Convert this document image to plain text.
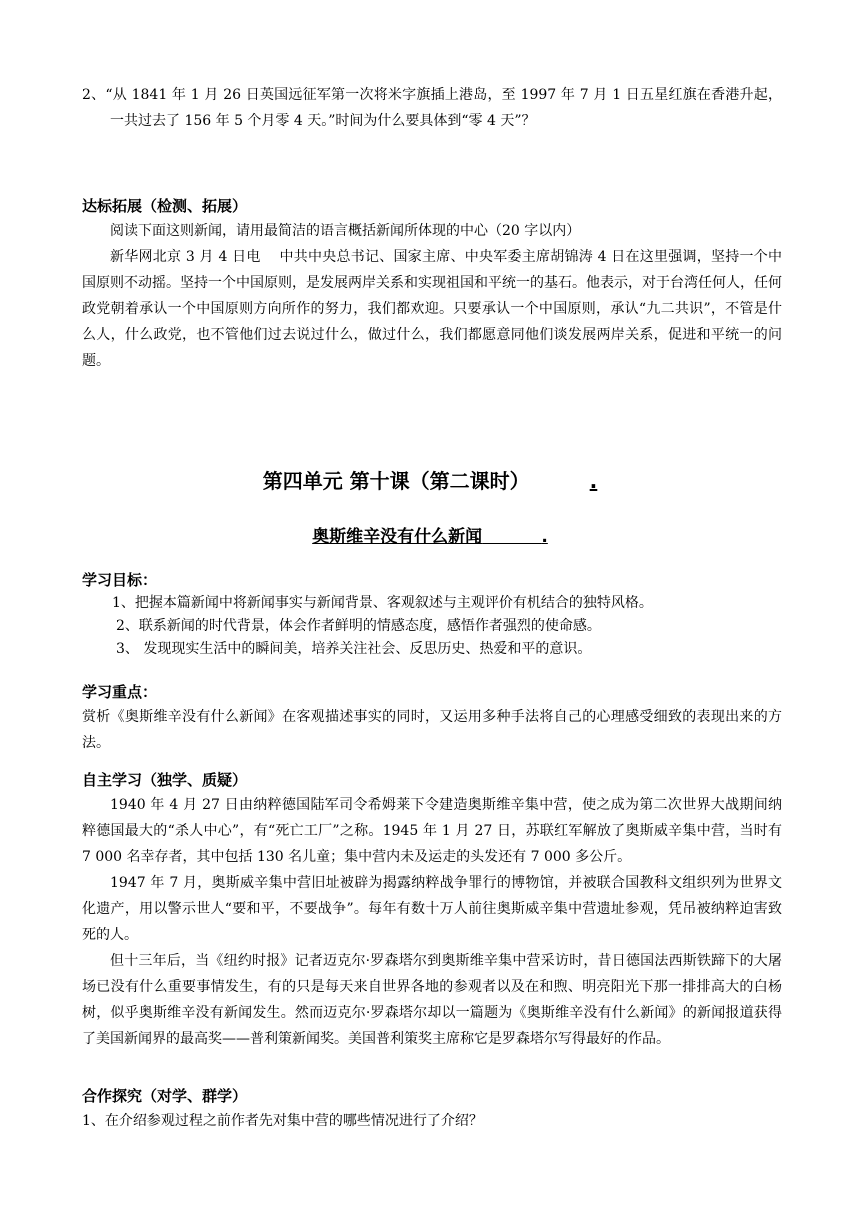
2、“从 1841 年 1 月 26 日英国远征军第一次将米字旗插上港岛，至 1997 年 7 月 1 日五星红旗在香港升起，一共过去了 156 年 5 个月零 4 天。”时间为什么要具体到“零 4 天”？

达标拓展（检测、拓展）

阅读下面这则新闻，请用最简洁的语言概括新闻所体现的中心（20 字以内）

新华网北京 3 月 4 日电　 中共中央总书记、国家主席、中央军委主席胡锦涛 4 日在这里强调，坚持一个中国原则不动摇。坚持一个中国原则，是发展两岸关系和实现祖国和平统一的基石。他表示，对于台湾任何人，任何政党朝着承认一个中国原则方向所作的努力，我们都欢迎。只要承认一个中国原则，承认“九二共识”，不管是什么人，什么政党，也不管他们过去说过什么，做过什么，我们都愿意同他们谈发展两岸关系，促进和平统一的问题。

第四单元 第十课（第二课时）	.
奥斯维辛没有什么新闻	.

学习目标：

1、把握本篇新闻中将新闻事实与新闻背景、客观叙述与主观评价有机结合的独特风格。

2、联系新闻的时代背景，体会作者鲜明的情感态度，感悟作者强烈的使命感。

3、 发现现实生活中的瞬间美，培养关注社会、反思历史、热爱和平的意识。

学习重点：

赏析《奥斯维辛没有什么新闻》在客观描述事实的同时，又运用多种手法将自己的心理感受细致的表现出来的方法。

自主学习（独学、质疑）

1940 年 4 月 27 日由纳粹德国陆军司令希姆莱下令建造奥斯维辛集中营，使之成为第二次世界大战期间纳粹德国最大的“杀人中心”，有“死亡工厂”之称。1945 年 1 月 27 日，苏联红军解放了奥斯威辛集中营，当时有 7 000 名幸存者，其中包括 130 名儿童；集中营内未及运走的头发还有 7 000 多公斤。

1947 年 7 月，奥斯威辛集中营旧址被辟为揭露纳粹战争罪行的博物馆，并被联合国教科文组织列为世界文化遗产，用以警示世人“要和平，不要战争”。每年有数十万人前往奥斯威辛集中营遗址参观，凭吊被纳粹迫害致死的人。

但十三年后，当《纽约时报》记者迈克尔·罗森塔尔到奥斯维辛集中营采访时，昔日德国法西斯铁蹄下的大屠场已没有什么重要事情发生，有的只是每天来自世界各地的参观者以及在和煦、明亮阳光下那一排排高大的白杨树，似乎奥斯维辛没有新闻发生。然而迈克尔·罗森塔尔却以一篇题为《奥斯维辛没有什么新闻》的新闻报道获得了美国新闻界的最高奖——普利策新闻奖。美国普利策奖主席称它是罗森塔尔写得最好的作品。

合作探究（对学、群学）

1、在介绍参观过程之前作者先对集中营的哪些情况进行了介绍？
